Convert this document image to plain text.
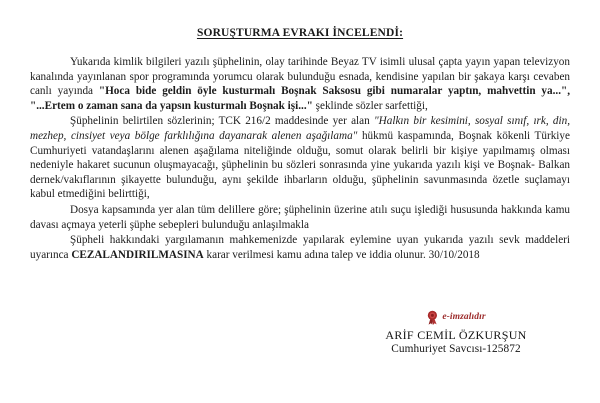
SORUŞTURMA EVRAKI İNCELENDİ:

Yukarıda kimlik bilgileri yazılı şüphelinin, olay tarihinde Beyaz TV isimli ulusal çapta yayın yapan televizyon kanalında yayınlanan spor programında yorumcu olarak bulunduğu esnada, kendisine yapılan bir şakaya karşı cevaben canlı yayında "Hoca bide geldin öyle kusturmalı Boşnak Saksosu gibi numaralar yaptın, mahvettin ya...", "...Ertem o zaman sana da yapsın kusturmalı Boşnak işi..." şeklinde sözler sarfettiği,

Şüphelinin belirtilen sözlerinin; TCK 216/2 maddesinde yer alan "Halkın bir kesimini, sosyal sınıf, ırk, din, mezhep, cinsiyet veya bölge farklılığına dayanarak alenen aşağılama" hükmü kaspamında, Boşnak kökenli Türkiye Cumhuriyeti vatandaşlarını alenen aşağılama niteliğinde olduğu, somut olarak belirli bir kişiye yapılmamış olması nedeniyle hakaret sucunun oluşmayacağı, şüphelinin bu sözleri sonrasında yine yukarıda yazılı kişi ve Boşnak- Balkan dernek/vakıflarının şikayette bulunduğu, aynı şekilde ihbarların olduğu, şüphelinin savunmasında özetle suçlamayı kabul etmediğini belirttiği,

Dosya kapsamında yer alan tüm delillere göre; şüphelinin üzerine atılı suçu işlediği hususunda hakkında kamu davası açmaya yeterli şüphe sebepleri bulunduğu anlaşılmakla

Şüpheli hakkındaki yargılamanın mahkemenizde yapılarak eylemine uyan yukarıda yazılı sevk maddeleri uyarınca CEZALANDIRILMASINA karar verilmesi kamu adına talep ve iddia olunur. 30/10/2018

e-imzalıdır
ARİF CEMİL ÖZKURŞUN
Cumhuriyet Savcısı-125872
